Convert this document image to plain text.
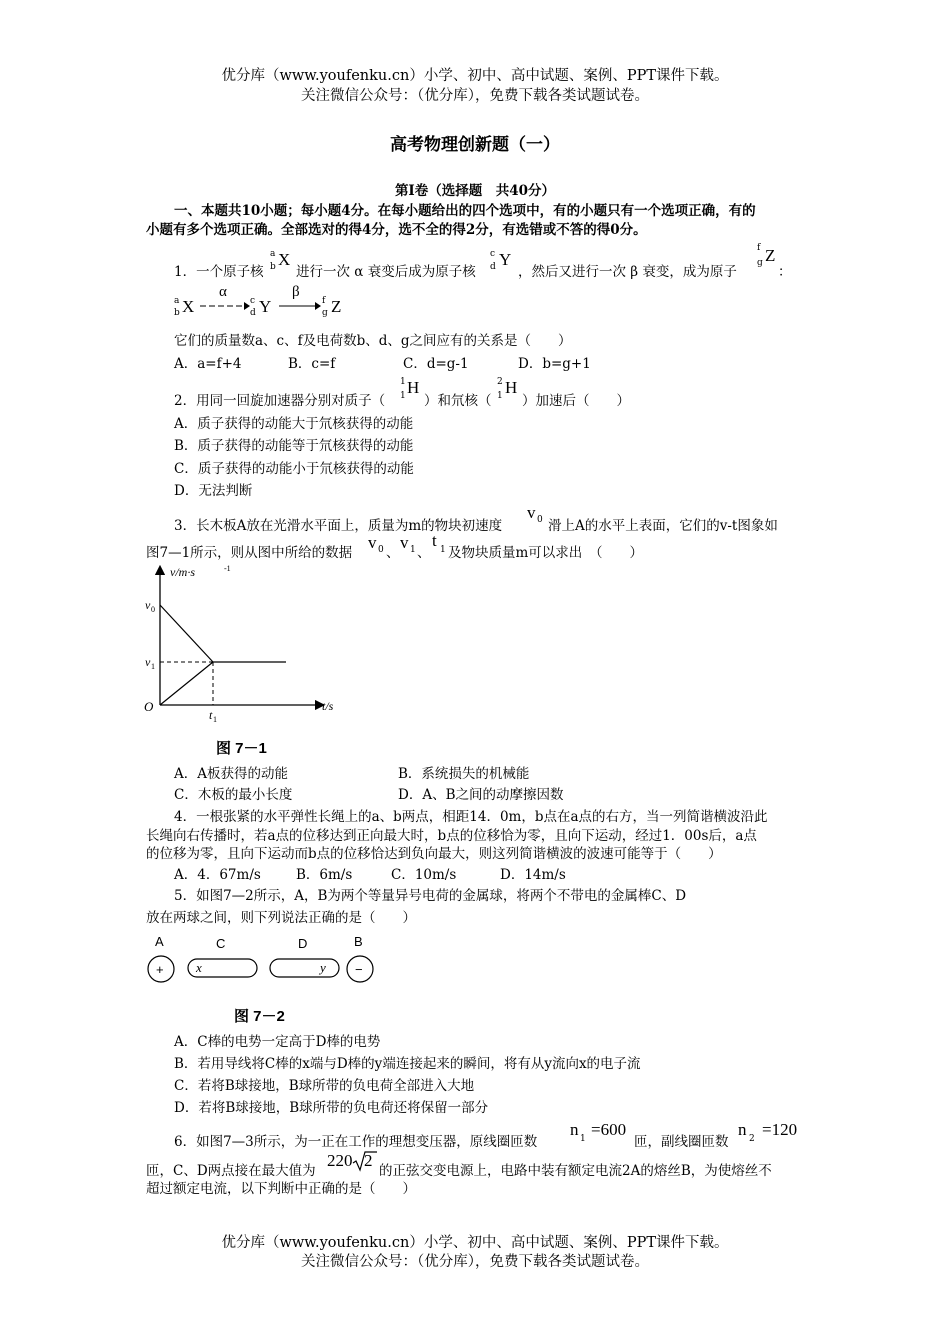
优分库（www.youfenku.cn）小学、初中、高中试题、案例、PPT课件下载。
关注微信公众号：（优分库），免费下载各类试题试卷。
高考物理创新题（一）
第Ⅰ卷（选择题　共40分）
一、本题共10小题；每小题4分。在每小题给出的四个选项中，有的小题只有一个选项正确，有的
小题有多个选项正确。全部选对的得4分，选不全的得2分，有选错或不答的得0分。
1．一个原子核
a
b X
进行一次 α 衰变后成为原子核
c
d Y
，然后又进行一次 β 衰变，成为原子
f
g Z
：
a
b X
α
c
d Y
β
f
g Z
它们的质量数a、c、f及电荷数b、d、g之间应有的关系是（　　）
A．a=f+4	B．c=f	C．d=g-1	D．b=g+1
2．用同一回旋加速器分别对质子（
1
1 H
）和氘核（
2
1 H
）加速后（　　）
A．质子获得的动能大于氘核获得的动能
B．质子获得的动能等于氘核获得的动能
C．质子获得的动能小于氘核获得的动能
D．无法判断
3．长木板A放在光滑水平面上，质量为m的物块初速度
v 0 滑上A的水平上表面，它们的v-t图象如
图7—1所示，则从图中所给的数据
v 0 、
v 1 、
t 1 及物块质量m可以求出　（　　）
v/m·s	-1
t/s
O
v 0
v 1
t 1
图 7－1
A．A板获得的动能	B．系统损失的机械能
C．木板的最小长度	D．A、B之间的动摩擦因数
4．一根张紧的水平弹性长绳上的a、b两点，相距14．0m，b点在a点的右方，当一列简谐横波沿此
长绳向右传播时，若a点的位移达到正向最大时，b点的位移恰为零，且向下运动，经过1．00s后，a点
的位移为零，且向下运动而b点的位移恰达到负向最大，则这列简谐横波的波速可能等于（　　）
A．4．67m/s	B．6m/s	C．10m/s	D．14m/s
5．如图7—2所示，A，B为两个等量异号电荷的金属球，将两个不带电的金属棒C、D
放在两球之间，则下列说法正确的是（　　）
A	C	D	B
+ x	y −
图 7－2
A．C棒的电势一定高于D棒的电势
B．若用导线将C棒的x端与D棒的y端连接起来的瞬间，将有从y流向x的电子流
C．若将B球接地，B球所带的负电荷全部进入大地
D．若将B球接地，B球所带的负电荷还将保留一部分
6．如图7—3所示，为一正在工作的理想变压器，原线圈匝数
n 1 =600
匝，副线圈匝数
n 2 =120
匝，C、D两点接在最大值为
220 2
的正弦交变电源上，电路中装有额定电流2A的熔丝B，为使熔丝不
超过额定电流，以下判断中正确的是（　　）
优分库（www.youfenku.cn）小学、初中、高中试题、案例、PPT课件下载。
关注微信公众号：（优分库），免费下载各类试题试卷。
